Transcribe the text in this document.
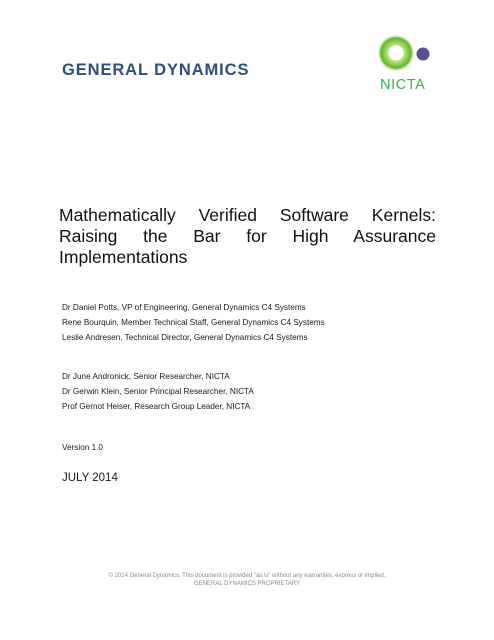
GENERAL DYNAMICS
NICTA
Mathematically Verified Software Kernels:
Raising the Bar for High Assurance
Implementations
Dr Daniel Potts, VP of Engineering, General Dynamics C4 Systems
Rene Bourquin, Member Technical Staff, General Dynamics C4 Systems
Leslie Andresen, Technical Director, General Dynamics C4 Systems
Dr June Andronick, Senior Researcher, NICTA
Dr Gerwin Klein, Senior Principal Researcher, NICTA
Prof Gernot Heiser, Research Group Leader, NICTA
Version 1.0
JULY 2014
© 2014 General Dynamics. This document is provided "as is" without any warranties, express or implied.
GENERAL DYNAMICS PROPRIETARY
